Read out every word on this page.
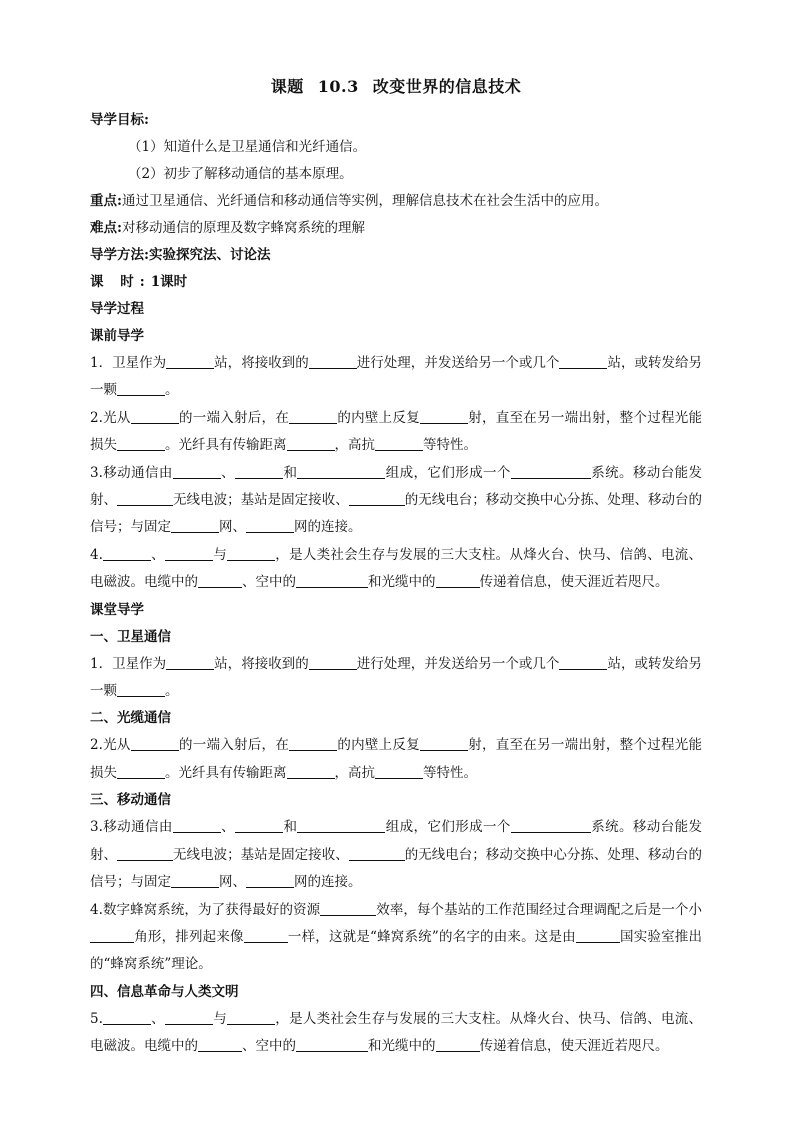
课题 10.3 改变世界的信息技术

导学目标:

（1）知道什么是卫星通信和光纤通信。

（2）初步了解移动通信的基本原理。

重点:通过卫星通信、光纤通信和移动通信等实例，理解信息技术在社会生活中的应用。

难点:对移动通信的原理及数字蜂窝系统的理解

导学方法:实验探究法、讨论法

课 时:1课时

导学过程

课前导学

1．卫星作为	站，将接收到的	进行处理，并发送给另一个或几个	站，或转发给另一颗	。

2.光从	的一端入射后，在	的内壁上反复	射，直至在另一端出射，整个过程光能损失	。光纤具有传输距离	，高抗	等特性。

3.移动通信由	、	和	组成，它们形成一个	系统。移动台能发射、	无线电波；基站是固定接收、	的无线电台；移动交换中心分拣、处理、移动台的信号；与固定	网、	网的连接。

4.	、	与	，是人类社会生存与发展的三大支柱。从烽火台、快马、信鸽、电流、电磁波。电缆中的	、空中的	和光缆中的	传递着信息，使天涯近若咫尺。

课堂导学

一、卫星通信

1．卫星作为	站，将接收到的	进行处理，并发送给另一个或几个	站，或转发给另一颗	。

二、光缆通信

2.光从	的一端入射后，在	的内壁上反复	射，直至在另一端出射，整个过程光能损失	。光纤具有传输距离	，高抗	等特性。

三、移动通信

3.移动通信由	、	和	组成，它们形成一个	系统。移动台能发射、	无线电波；基站是固定接收、	的无线电台；移动交换中心分拣、处理、移动台的信号；与固定	网、	网的连接。

4.数字蜂窝系统，为了获得最好的资源	效率，每个基站的工作范围经过合理调配之后是一个小角形，排列起来像	一样，这就是“蜂窝系统”的名字的由来。这是由	国实验室推出的“蜂窝系统”理论。

四、信息革命与人类文明

5.	、	与	，是人类社会生存与发展的三大支柱。从烽火台、快马、信鸽、电流、电磁波。电缆中的	、空中的	和光缆中的	传递着信息，使天涯近若咫尺。
